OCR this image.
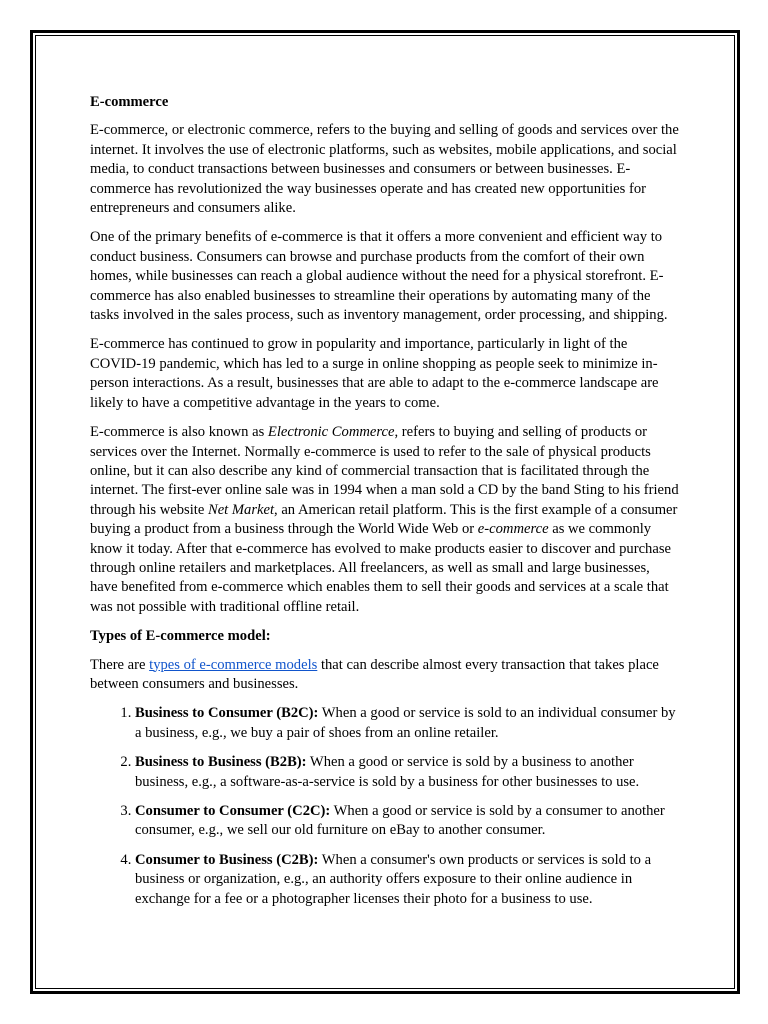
E-commerce

E-commerce, or electronic commerce, refers to the buying and selling of goods and services over the internet. It involves the use of electronic platforms, such as websites, mobile applications, and social media, to conduct transactions between businesses and consumers or between businesses. E-commerce has revolutionized the way businesses operate and has created new opportunities for entrepreneurs and consumers alike.

One of the primary benefits of e-commerce is that it offers a more convenient and efficient way to conduct business. Consumers can browse and purchase products from the comfort of their own homes, while businesses can reach a global audience without the need for a physical storefront. E-commerce has also enabled businesses to streamline their operations by automating many of the tasks involved in the sales process, such as inventory management, order processing, and shipping.

E-commerce has continued to grow in popularity and importance, particularly in light of the COVID-19 pandemic, which has led to a surge in online shopping as people seek to minimize in-person interactions. As a result, businesses that are able to adapt to the e-commerce landscape are likely to have a competitive advantage in the years to come.

E-commerce is also known as Electronic Commerce, refers to buying and selling of products or services over the Internet. Normally e-commerce is used to refer to the sale of physical products online, but it can also describe any kind of commercial transaction that is facilitated through the internet. The first-ever online sale was in 1994 when a man sold a CD by the band Sting to his friend through his website Net Market, an American retail platform. This is the first example of a consumer buying a product from a business through the World Wide Web or e-commerce as we commonly know it today. After that e-commerce has evolved to make products easier to discover and purchase through online retailers and marketplaces. All freelancers, as well as small and large businesses, have benefited from e-commerce which enables them to sell their goods and services at a scale that was not possible with traditional offline retail.

Types of E-commerce model:

There are types of e-commerce models that can describe almost every transaction that takes place between consumers and businesses.

1. Business to Consumer (B2C): When a good or service is sold to an individual consumer by a business, e.g., we buy a pair of shoes from an online retailer.
2. Business to Business (B2B): When a good or service is sold by a business to another business, e.g., a software-as-a-service is sold by a business for other businesses to use.
3. Consumer to Consumer (C2C): When a good or service is sold by a consumer to another consumer, e.g., we sell our old furniture on eBay to another consumer.
4. Consumer to Business (C2B): When a consumer's own products or services is sold to a business or organization, e.g., an authority offers exposure to their online audience in exchange for a fee or a photographer licenses their photo for a business to use.
